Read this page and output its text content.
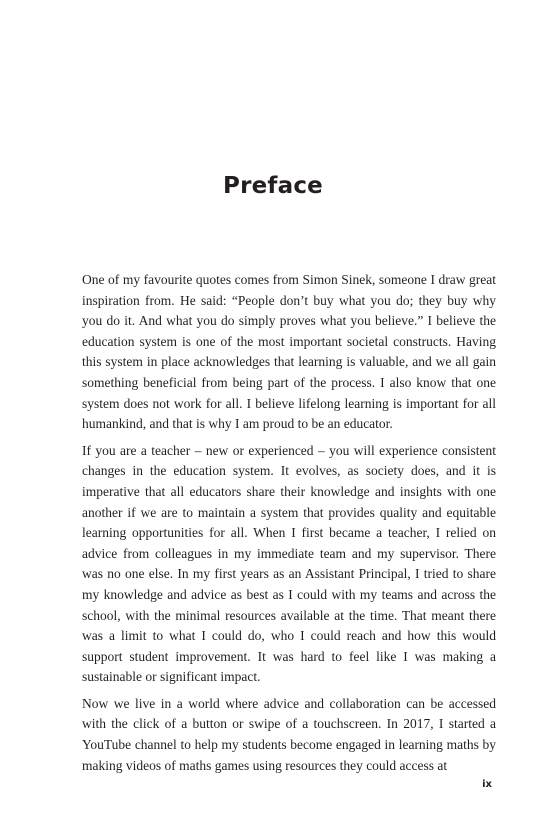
Preface

One of my favourite quotes comes from Simon Sinek, someone I draw great inspiration from. He said: “People don’t buy what you do; they buy why you do it. And what you do simply proves what you believe.” I believe the education system is one of the most important societal constructs. Having this system in place acknowledges that learning is valuable, and we all gain something beneficial from being part of the process. I also know that one system does not work for all. I believe lifelong learning is important for all humankind, and that is why I am proud to be an educator.

If you are a teacher – new or experienced – you will experience consistent changes in the education system. It evolves, as society does, and it is imperative that all educators share their knowledge and insights with one another if we are to maintain a system that provides quality and equitable learning opportunities for all. When I first became a teacher, I relied on advice from colleagues in my immediate team and my supervisor. There was no one else. In my first years as an Assistant Principal, I tried to share my knowledge and advice as best as I could with my teams and across the school, with the minimal resources available at the time. That meant there was a limit to what I could do, who I could reach and how this would support student improvement. It was hard to feel like I was making a sustainable or significant impact.

Now we live in a world where advice and collaboration can be accessed with the click of a button or swipe of a touchscreen. In 2017, I started a YouTube channel to help my students become engaged in learning maths by making videos of maths games using resources they could access at

ix
